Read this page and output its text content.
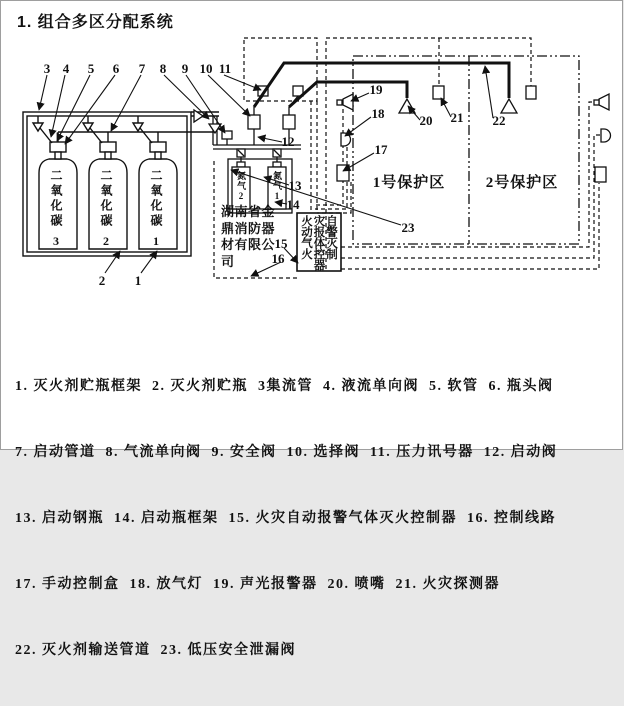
1. 组合多区分配系统
3 4 5 6 7 8 9 10 11
2 1
12
13
14
15
16
17
18
19
20 21 22
23
二氧化碳3
二氧化碳2
二氧化碳1
氮气2
氮气1
湖南省金鼎消防器材有限公司
火灾自动报警气体灭火控制器
1号保护区	2号保护区

1. 灭火剂贮瓶框架  2. 灭火剂贮瓶  3集流管  4. 液流单向阀  5. 软管  6. 瓶头阀

7. 启动管道  8. 气流单向阀  9. 安全阀  10. 选择阀  11. 压力讯号器  12. 启动阀

13. 启动钢瓶  14. 启动瓶框架  15. 火灾自动报警气体灭火控制器  16. 控制线路

17. 手动控制盒  18. 放气灯  19. 声光报警器  20. 喷嘴  21. 火灾探测器

22. 灭火剂输送管道  23. 低压安全泄漏阀
